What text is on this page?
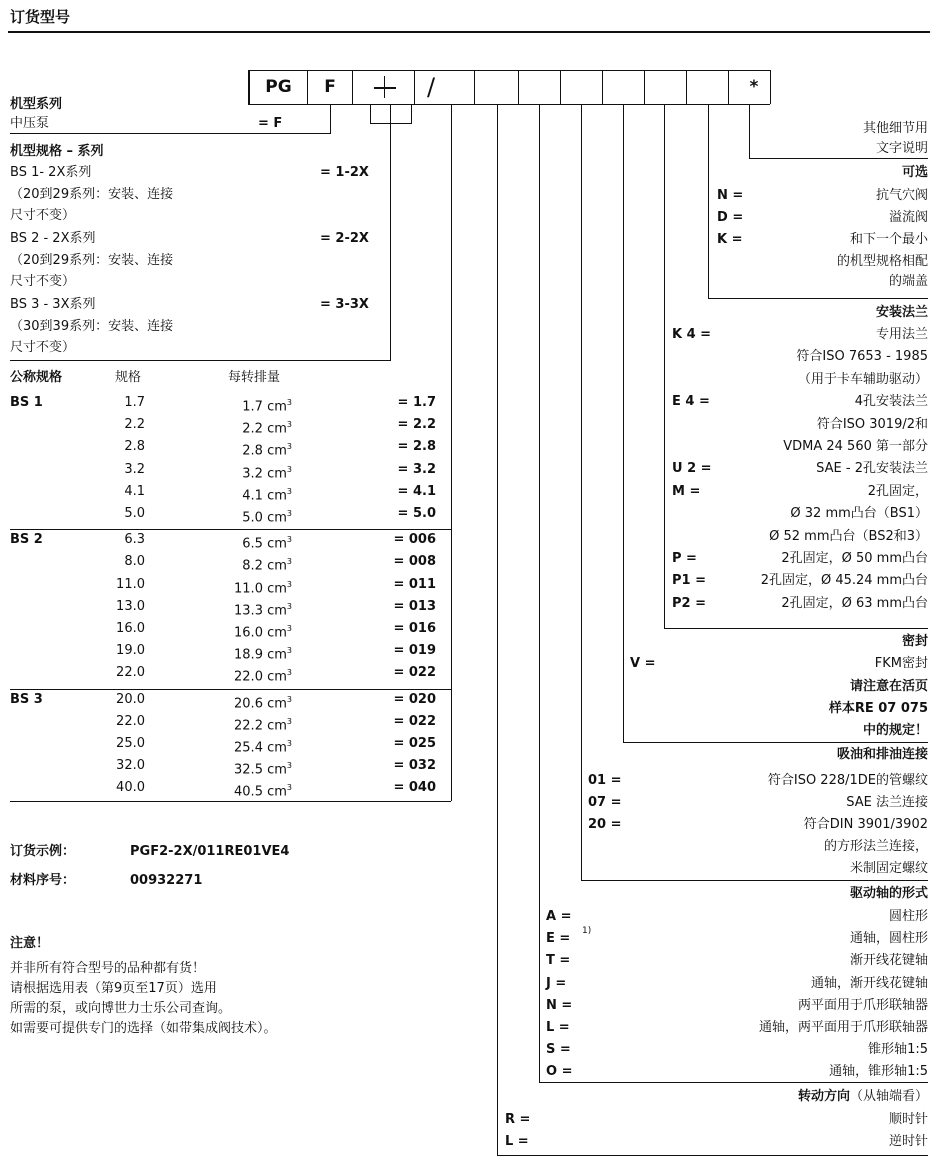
订货型号
PG	F	*
/
机型系列
中压泵	= F
机型规格 – 系列
BS 1- 2X系列	= 1-2X
（20到29系列：安装、连接
尺寸不变）
BS 2 - 2X系列	= 2-2X
（20到29系列：安装、连接
尺寸不变）
BS 3 - 3X系列	= 3-3X
（30到39系列：安装、连接
尺寸不变）
公称规格	规格	每转排量
BS 1	1.7	1.7 $cm^3$	= 1.7
2.2	2.2 $cm^3$	= 2.2
2.8	2.8 $cm^3$	= 2.8
3.2	3.2 $cm^3$	= 3.2
4.1	4.1 $cm^3$	= 4.1
5.0	5.0 $cm^3$	= 5.0
BS 2	6.3	6.5 $cm^3$	= 006
8.0	8.2 $cm^3$	= 008
11.0	11.0 $cm^3$	= 011
13.0	13.3 $cm^3$	= 013
16.0	16.0 $cm^3$	= 016
19.0	18.9 $cm^3$	= 019
22.0	22.0 $cm^3$	= 022
BS 3	20.0	20.6 $cm^3$	= 020
22.0	22.2 $cm^3$	= 022
25.0	25.4 $cm^3$	= 025
32.0	32.5 $cm^3$	= 032
40.0	40.5 $cm^3$	= 040
订货示例：	PGF2-2X/011RE01VE4
材料序号：	00932271
注意！
并非所有符合型号的品种都有货！
请根据选用表（第9页至17页）选用
所需的泵，或向博世力士乐公司查询。
如需要可提供专门的选择（如带集成阀技术）。
其他细节用
文字说明
可选
N =	抗气穴阀
D =	溢流阀
K =	和下一个最小
的机型规格相配
的端盖
安装法兰
K 4 =	专用法兰
符合ISO 7653 - 1985
（用于卡车辅助驱动）
E 4 =	4孔安装法兰
符合ISO 3019/2和
VDMA 24 560 第一部分
U 2 =	SAE - 2孔安装法兰
M =	2孔固定，
Ø 32 mm凸台（BS1）
Ø 52 mm凸台（BS2和3）
P =	2孔固定，Ø 50 mm凸台
P1 =	2孔固定，Ø 45.24 mm凸台
P2 =	2孔固定，Ø 63 mm凸台
密封
V =	FKM密封
请注意在活页
样本RE 07 075
中的规定！
吸油和排油连接
01 =	符合ISO 228/1DE的管螺纹
07 =	SAE 法兰连接
20 =	符合DIN 3901/3902
的方形法兰连接，
米制固定螺纹
驱动轴的形式
A =	圆柱形
E =	通轴，圆柱形
1)
T =	渐开线花键轴
J =	通轴，渐开线花键轴
N =	两平面用于爪形联轴器
L =	通轴，两平面用于爪形联轴器
S =	锥形轴1:5
O =	通轴，锥形轴1:5
转动方向（从轴端看）
R =	顺时针
L =	逆时针
